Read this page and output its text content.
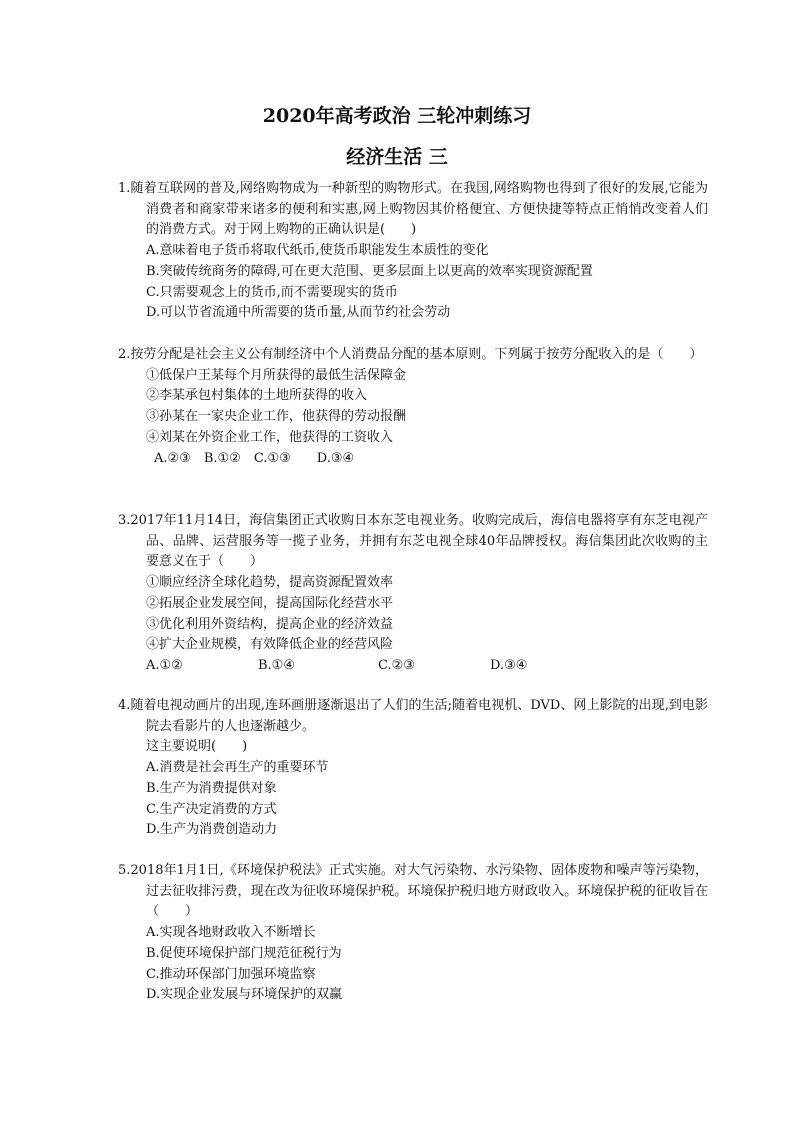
2020年高考政治 三轮冲刺练习
经济生活 三

1.随着互联网的普及,网络购物成为一种新型的购物形式。在我国,网络购物也得到了很好的发展,它能为消费者和商家带来诸多的便利和实惠,网上购物因其价格便宜、方便快捷等特点正悄悄改变着人们的消费方式。对于网上购物的正确认识是(　　)

A.意味着电子货币将取代纸币,使货币职能发生本质性的变化

B.突破传统商务的障碍,可在更大范围、更多层面上以更高的效率实现资源配置

C.只需要观念上的货币,而不需要现实的货币

D.可以节省流通中所需要的货币量,从而节约社会劳动

2.按劳分配是社会主义公有制经济中个人消费品分配的基本原则。下列属于按劳分配收入的是（　　）

①低保户王某每个月所获得的最低生活保障金

②李某承包村集体的土地所获得的收入

③孙某在一家央企业工作，他获得的劳动报酬

④刘某在外资企业工作，他获得的工资收入

A.②③　B.①②　C.①③　　D.③④

3.2017年11月14日，海信集团正式收购日本东芝电视业务。收购完成后，海信电器将享有东芝电视产品、品牌、运营服务等一揽子业务，并拥有东芝电视全球40年品牌授权。海信集团此次收购的主要意义在于（　　）

①顺应经济全球化趋势，提高资源配置效率

②拓展企业发展空间，提高国际化经营水平

③优化利用外资结构，提高企业的经济效益

④扩大企业规模，有效降低企业的经营风险

A.①②	B.①④	C.②③	D.③④

4.随着电视动画片的出现,连环画册逐渐退出了人们的生活;随着电视机、DVD、网上影院的出现,到电影院去看影片的人也逐渐越少。

这主要说明(　　)

A.消费是社会再生产的重要环节

B.生产为消费提供对象

C.生产决定消费的方式

D.生产为消费创造动力

5.2018年1月1日,《环境保护税法》正式实施。对大气污染物、水污染物、固体废物和噪声等污染物，过去征收排污费，现在改为征收环境保护税。环境保护税归地方财政收入。环境保护税的征收旨在（　　）

A.实现各地财政收入不断增长

B.促使环境保护部门规范征税行为

C.推动环保部门加强环境监察

D.实现企业发展与环境保护的双赢
